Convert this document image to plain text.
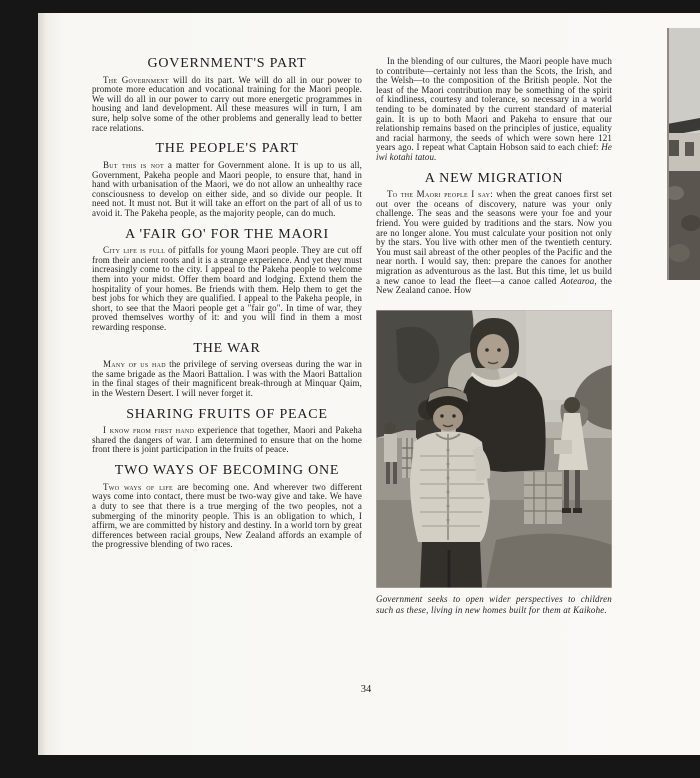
GOVERNMENT'S PART

The Government will do its part. We will do all in our power to promote more education and vocational training for the Maori people. We will do all in our power to carry out more energetic programmes in housing and land development. All these measures will in turn, I am sure, help solve some of the other problems and generally lead to better race relations.

THE PEOPLE'S PART

But this is not a matter for Government alone. It is up to us all, Government, Pakeha people and Maori people, to ensure that, hand in hand with urbanisation of the Maori, we do not allow an unhealthy race consciousness to develop on either side, and so divide our people. It need not. It must not. But it will take an effort on the part of all of us to avoid it. The Pakeha people, as the majority people, can do much.

A 'FAIR GO' FOR THE MAORI

City life is full of pitfalls for young Maori people. They are cut off from their ancient roots and it is a strange experience. And yet they must increasingly come to the city. I appeal to the Pakeha people to welcome them into your midst. Offer them board and lodging. Extend them the hospitality of your homes. Be friends with them. Help them to get the best jobs for which they are qualified. I appeal to the Pakeha people, in short, to see that the Maori people get a "fair go". In time of war, they proved themselves worthy of it: and you will find in them a most rewarding response.

THE WAR

Many of us had the privilege of serving overseas during the war in the same brigade as the Maori Battalion. I was with the Maori Battalion in the final stages of their magnificent break-through at Minquar Qaim, in the Western Desert. I will never forget it.

SHARING FRUITS OF PEACE

I know from first hand experience that together, Maori and Pakeha shared the dangers of war. I am determined to ensure that on the home front there is joint participation in the fruits of peace.

TWO WAYS OF BECOMING ONE

Two ways of life are becoming one. And wherever two different ways come into contact, there must be two-way give and take. We have a duty to see that there is a true merging of the two peoples, not a submerging of the minority people. This is an obligation to which, I affirm, we are committed by history and destiny. In a world torn by great differences between racial groups, New Zealand affords an example of the progressive blending of two races.

In the blending of our cultures, the Maori people have much to contribute—certainly not less than the Scots, the Irish, and the Welsh—to the composition of the British people. Not the least of the Maori contribution may be something of the spirit of kindliness, courtesy and tolerance, so necessary in a world tending to be dominated by the current standard of material gain. It is up to both Maori and Pakeha to ensure that our relationship remains based on the principles of justice, equality and racial harmony, the seeds of which were sown here 121 years ago. I repeat what Captain Hobson said to each chief: He iwi kotahi tatou.

A NEW MIGRATION

To the Maori people I say: when the great canoes first set out over the oceans of discovery, nature was your only challenge. The seas and the seasons were your foe and your friend. You were guided by traditions and the stars. Now you are no longer alone. You must calculate your position not only by the stars. You live with other men of the twentieth century. You must sail abreast of the other peoples of the Pacific and the near north. I would say, then: prepare the canoes for another migration as adventurous as the last. But this time, let us build a new canoe to lead the fleet—a canoe called Aotearoa, the New Zealand canoe. How

Government seeks to open wider perspectives to children such as these, living in new homes built for them at Kaikohe.

34
